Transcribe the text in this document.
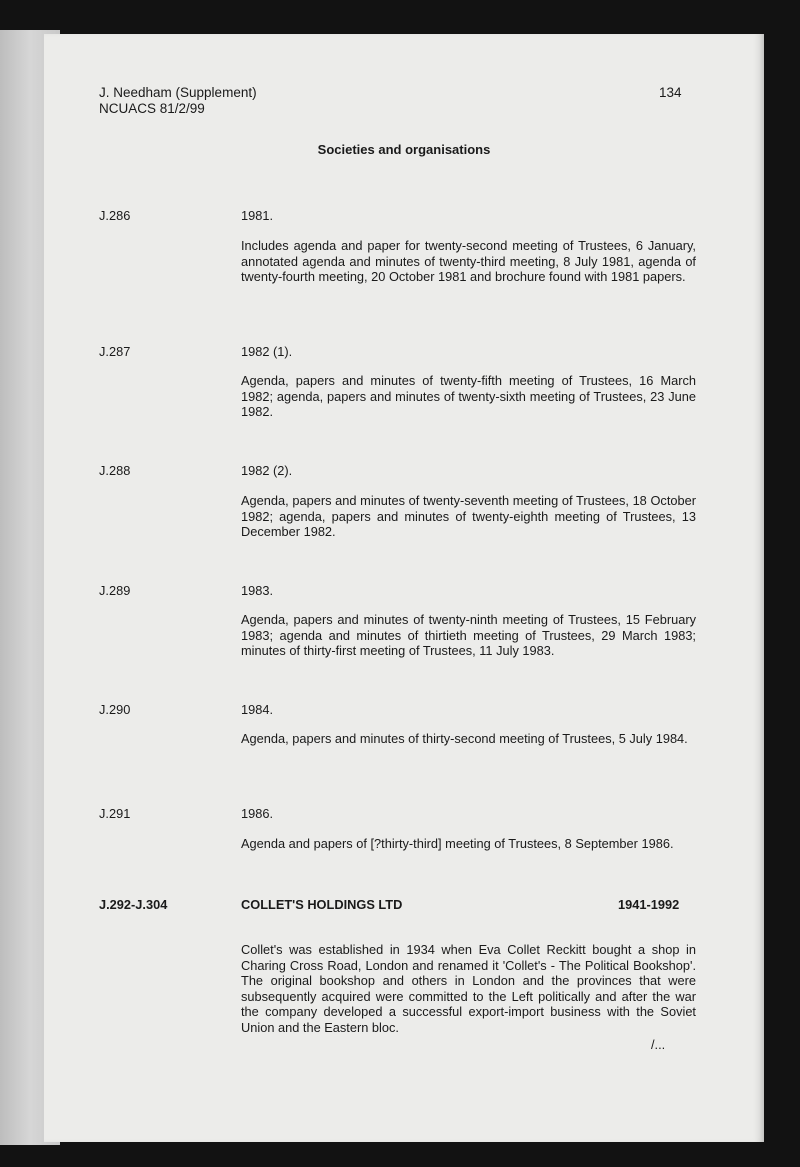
J. Needham (Supplement)

NCUACS 81/2/99

134

Societies and organisations

J.286	1981.

Includes agenda and paper for twenty-second meeting of Trustees, 6 January, annotated agenda and minutes of twenty-third meeting, 8 July 1981, agenda of twenty-fourth meeting, 20 October 1981 and brochure found with 1981 papers.

J.287	1982 (1).

Agenda, papers and minutes of twenty-fifth meeting of Trustees, 16 March 1982; agenda, papers and minutes of twenty-sixth meeting of Trustees, 23 June 1982.

J.288	1982 (2).

Agenda, papers and minutes of twenty-seventh meeting of Trustees, 18 October 1982; agenda, papers and minutes of twenty-eighth meeting of Trustees, 13 December 1982.

J.289	1983.

Agenda, papers and minutes of twenty-ninth meeting of Trustees, 15 February 1983; agenda and minutes of thirtieth meeting of Trustees, 29 March 1983; minutes of thirty-first meeting of Trustees, 11 July 1983.

J.290	1984.

Agenda, papers and minutes of thirty-second meeting of Trustees, 5 July 1984.

J.291	1986.

Agenda and papers of [?thirty-third] meeting of Trustees, 8 September 1986.

J.292-J.304	COLLET'S HOLDINGS LTD	1941-1992

Collet's was established in 1934 when Eva Collet Reckitt bought a shop in Charing Cross Road, London and renamed it 'Collet's - The Political Bookshop'. The original bookshop and others in London and the provinces that were subsequently acquired were committed to the Left politically and after the war the company developed a successful export-import business with the Soviet Union and the Eastern bloc.

/...
